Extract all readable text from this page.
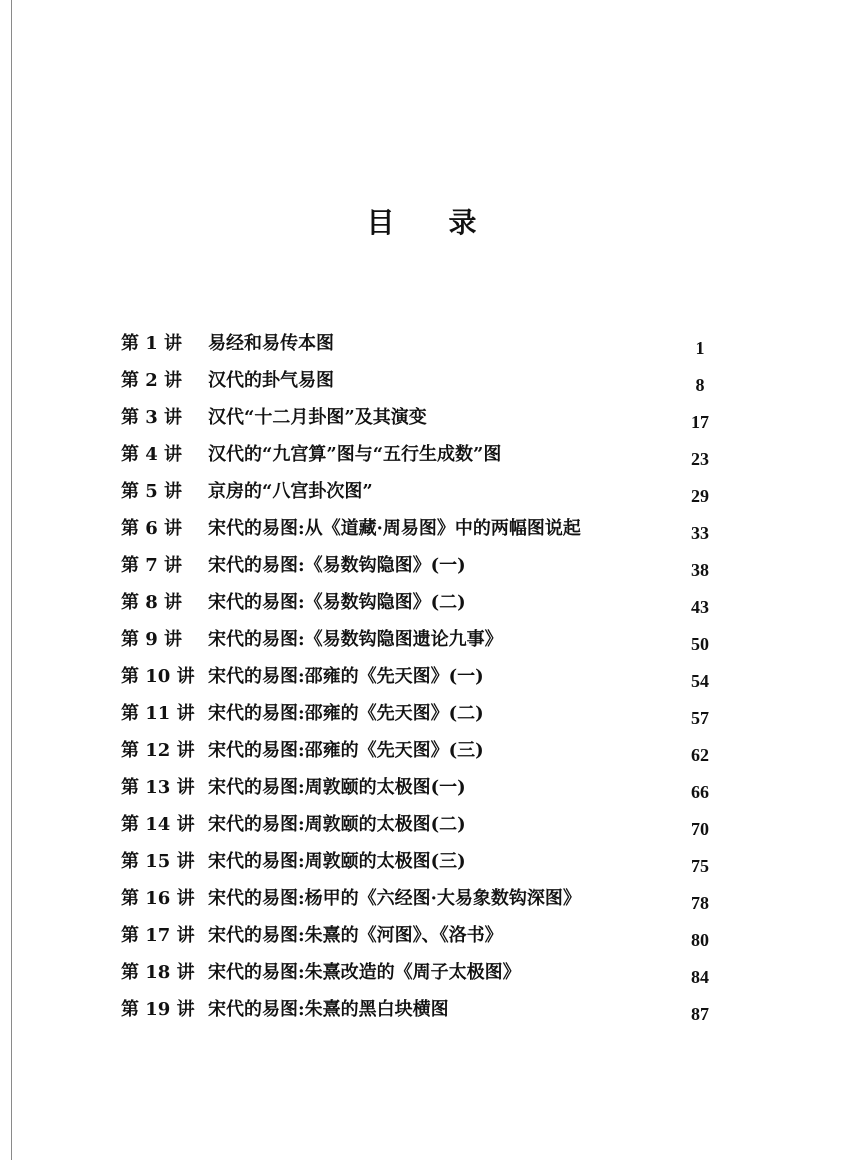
目录
第 1 讲 易经和易传本图	1
第 2 讲 汉代的卦气易图	8
第 3 讲 汉代“十二月卦图”及其演变	17
第 4 讲 汉代的“九宫算”图与“五行生成数”图	23
第 5 讲 京房的“八宫卦次图”	29
第 6 讲 宋代的易图:从《道藏·周易图》中的两幅图说起	33
第 7 讲 宋代的易图:《易数钩隐图》(一)	38
第 8 讲 宋代的易图:《易数钩隐图》(二)	43
第 9 讲 宋代的易图:《易数钩隐图遗论九事》	50
第 10 讲 宋代的易图:邵雍的《先天图》(一)	54
第 11 讲 宋代的易图:邵雍的《先天图》(二)	57
第 12 讲 宋代的易图:邵雍的《先天图》(三)	62
第 13 讲 宋代的易图:周敦颐的太极图(一)	66
第 14 讲 宋代的易图:周敦颐的太极图(二)	70
第 15 讲 宋代的易图:周敦颐的太极图(三)	75
第 16 讲 宋代的易图:杨甲的《六经图·大易象数钩深图》	78
第 17 讲 宋代的易图:朱熹的《河图》、《洛书》	80
第 18 讲 宋代的易图:朱熹改造的《周子太极图》	84
第 19 讲 宋代的易图:朱熹的黑白块横图	87
